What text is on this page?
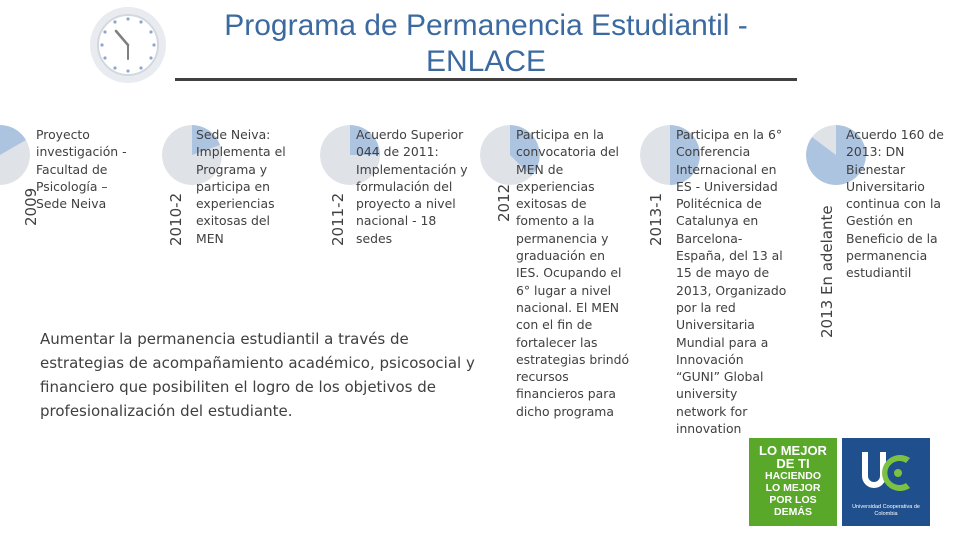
Programa de Permanencia Estudiantil -
ENLACE
2009
Proyecto investigación - Facultad de Psicología – Sede Neiva	2010-2
Sede Neiva: Implementa el Programa y participa en experiencias exitosas del MEN	2011-2
Acuerdo Superior 044 de 2011: Implementación y formulación del proyecto a nivel nacional - 18 sedes
2012
Participa en la convocatoria del MEN de experiencias exitosas de fomento a la permanencia y graduación en IES. Ocupando el 6° lugar a nivel nacional. El MEN con el fin de fortalecer las estrategias brindó recursos financieros para dicho programa
2013-1
Participa en la 6° Conferencia Internacional en ES - Universidad Politécnica de Catalunya en Barcelona- España, del 13 al 15 de mayo de 2013, Organizado por la red Universitaria Mundial para a Innovación “GUNI” Global university network for innovation
2013 En adelante
Acuerdo 160 de 2013: DN Bienestar Universitario continua con la Gestión en Beneficio de la permanencia estudiantil
Aumentar la permanencia estudiantil a través de estrategias de acompañamiento académico, psicosocial y financiero que posibiliten el logro de los objetivos de profesionalización del estudiante.
LO MEJOR
DE TI
HACIENDO
LO MEJOR
POR LOS
DEMÁS	Universidad Cooperativa de Colombia
